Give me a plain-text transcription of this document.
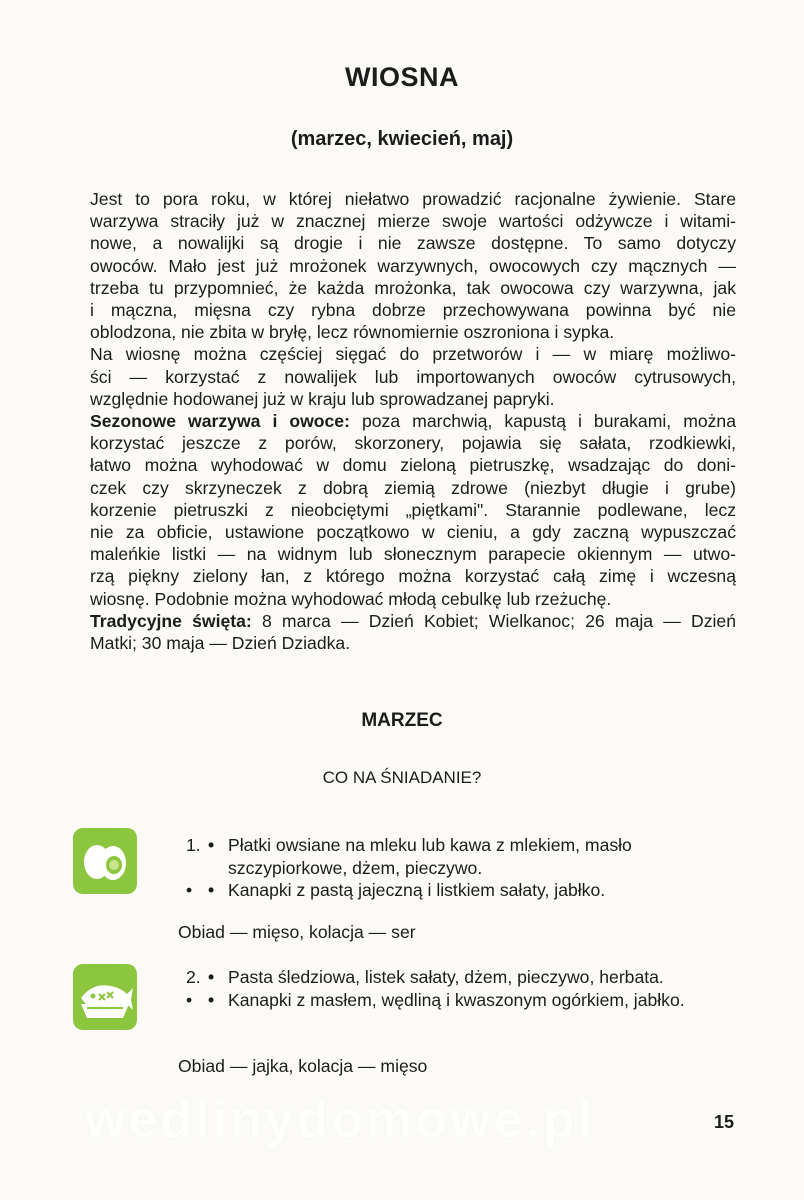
WIOSNA
(marzec, kwiecień, maj)

Jest to pora roku, w której niełatwo prowadzić racjonalne żywienie. Stare
warzywa straciły już w znacznej mierze swoje wartości odżywcze i witami-
nowe, a nowalijki są drogie i nie zawsze dostępne. To samo dotyczy
owoców. Mało jest już mrożonek warzywnych, owocowych czy mącznych —
trzeba tu przypomnieć, że każda mrożonka, tak owocowa czy warzywna, jak
i mączna, mięsna czy rybna dobrze przechowywana powinna być nie
oblodzona, nie zbita w bryłę, lecz równomiernie oszroniona i sypka.

Na wiosnę można częściej sięgać do przetworów i — w miarę możliwo-
ści — korzystać z nowalijek lub importowanych owoców cytrusowych,
względnie hodowanej już w kraju lub sprowadzanej papryki.

Sezonowe warzywa i owoce: poza marchwią, kapustą i burakami, można
korzystać jeszcze z porów, skorzonery, pojawia się sałata, rzodkiewki,
łatwo można wyhodować w domu zieloną pietruszkę, wsadzając do doni-
czek czy skrzyneczek z dobrą ziemią zdrowe (niezbyt długie i grube)
korzenie pietruszki z nieobciętymi „piętkami". Starannie podlewane, lecz
nie za obficie, ustawione początkowo w cieniu, a gdy zaczną wypuszczać
maleńkie listki — na widnym lub słonecznym parapecie okiennym — utwo-
rzą piękny zielony łan, z którego można korzystać całą zimę i wczesną
wiosnę. Podobnie można wyhodować młodą cebulkę lub rzeżuchę.

Tradycyjne święta: 8 marca — Dzień Kobiet; Wielkanoc; 26 maja — Dzień
Matki; 30 maja — Dzień Dziadka.

MARZEC
CO NA ŚNIADANIE?
1. • Płatki owsiane na mleku lub kawa z mlekiem, masło szczypiorkowe, dżem, pieczywo.
• • Kanapki z pastą jajeczną i listkiem sałaty, jabłko.
Obiad — mięso, kolacja — ser
2. • Pasta śledziowa, listek sałaty, dżem, pieczywo, herbata.
• • Kanapki z masłem, wędliną i kwaszonym ogórkiem, jabłko.
Obiad — jajka, kolacja — mięso
wedlinydomowe.pl	15
